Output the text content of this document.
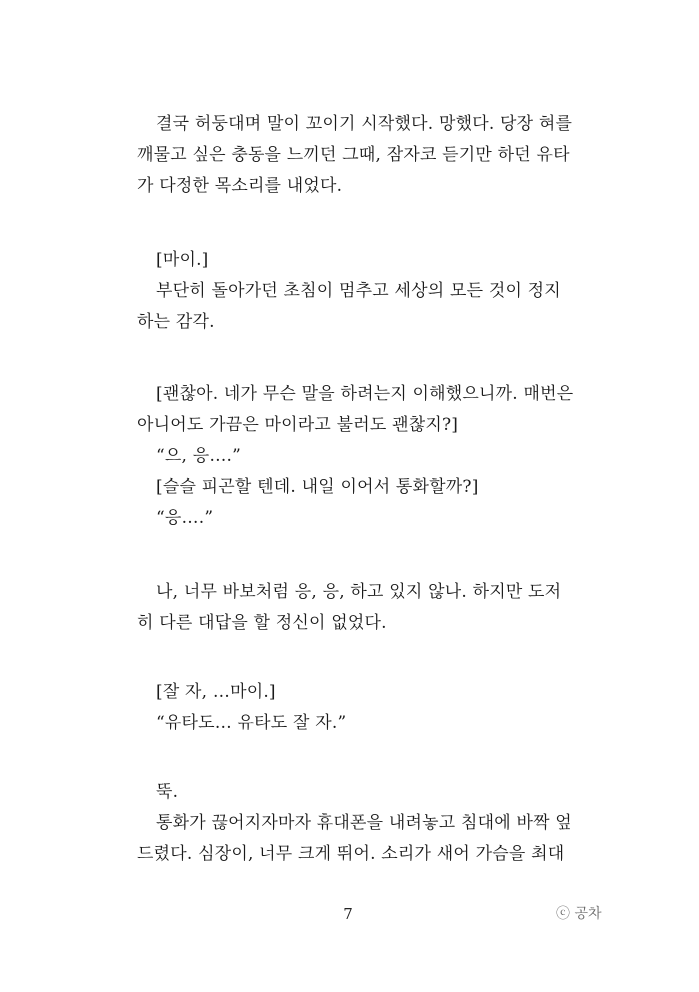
결국 허둥대며 말이 꼬이기 시작했다. 망했다. 당장 혀를
깨물고 싶은 충동을 느끼던 그때, 잠자코 듣기만 하던 유타
가 다정한 목소리를 내었다.
[마이.]
부단히 돌아가던 초침이 멈추고 세상의 모든 것이 정지
하는 감각.
[괜찮아. 네가 무슨 말을 하려는지 이해했으니까. 매번은
아니어도 가끔은 마이라고 불러도 괜찮지?]
“으, 응….”
[슬슬 피곤할 텐데. 내일 이어서 통화할까?]
“응….”
나, 너무 바보처럼 응, 응, 하고 있지 않나. 하지만 도저
히 다른 대답을 할 정신이 없었다.
[잘 자, …마이.]
“유타도… 유타도 잘 자.”
뚝.
통화가 끊어지자마자 휴대폰을 내려놓고 침대에 바짝 엎
드렸다. 심장이, 너무 크게 뛰어. 소리가 새어 가슴을 최대
7	ⓒ 공차
